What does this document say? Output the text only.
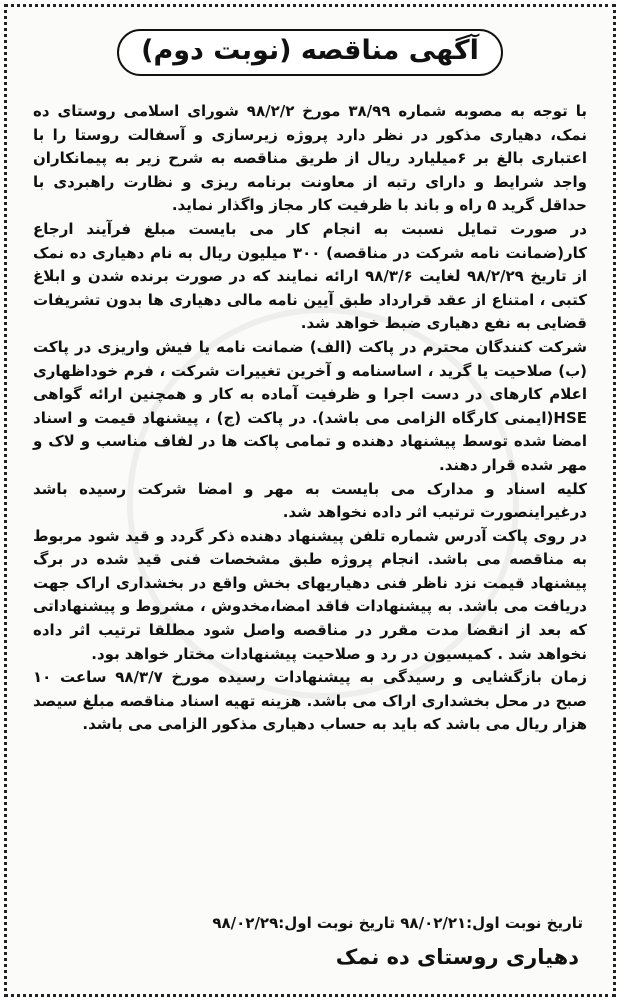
آگهی مناقصه (نوبت دوم)

با توجه به مصوبه شماره ۳۸/۹۹ مورخ ۹۸/۲/۲ شورای اسلامی روستای ده نمک، دهیاری مذکور در نظر دارد پروژه زیرسازی و آسفالت روستا را با اعتباری بالغ بر ۶میلیارد ریال از طریق مناقصه به شرح زیر به پیمانکاران واجد شرایط و دارای رتبه از معاونت برنامه ریزی و نظارت راهبردی با حداقل گرید ۵ راه و باند با ظرفیت کار مجاز واگذار نماید.

در صورت تمایل نسبت به انجام کار می بایست مبلغ فرآیند ارجاع کار(ضمانت نامه شرکت در مناقصه) ۳۰۰ میلیون ریال به نام دهیاری ده نمک از تاریخ ۹۸/۲/۲۹ لغایت ۹۸/۳/۶ ارائه نمایند که در صورت برنده شدن و ابلاغ کتبی ، امتناع از عقد قرارداد طبق آیین نامه مالی دهیاری ها بدون تشریفات قضایی به نفع دهیاری ضبط خواهد شد.

شرکت کنندگان محترم در پاکت (الف) ضمانت نامه یا فیش واریزی در پاکت (ب) صلاحیت یا گرید ، اساسنامه و آخرین تغییرات شرکت ، فرم خوداظهاری اعلام کارهای در دست اجرا و ظرفیت آماده به کار و همچنین ارائه گواهی HSE(ایمنی کارگاه الزامی می باشد). در پاکت (ج) ، پیشنهاد قیمت و اسناد امضا شده توسط پیشنهاد دهنده و تمامی پاکت ها در لفاف مناسب و لاک و مهر شده قرار دهند.

کلیه اسناد و مدارک می بایست به مهر و امضا شرکت رسیده باشد درغیراینصورت ترتیب اثر داده نخواهد شد.

در روی پاکت آدرس شماره تلفن پیشنهاد دهنده ذکر گردد و قید شود مربوط به مناقصه می باشد. انجام پروژه طبق مشخصات فنی قید شده در برگ پیشنهاد قیمت نزد ناظر فنی دهیاریهای بخش واقع در بخشداری اراک جهت دریافت می باشد. به پیشنهادات فاقد امضا،مخدوش ، مشروط و پیشنهاداتی که بعد از انقضا مدت مقرر در مناقصه واصل شود مطلقا ترتیب اثر داده نخواهد شد . کمیسیون در رد و صلاحیت پیشنهادات مختار خواهد بود.

زمان بازگشایی و رسیدگی به پیشنهادات رسیده مورخ ۹۸/۳/۷ ساعت ۱۰ صبح در محل بخشداری اراک می باشد. هزینه تهیه اسناد مناقصه مبلغ سیصد هزار ریال می باشد که باید به حساب دهیاری مذکور الزامی می باشد.

تاریخ نوبت اول:۹۸/۰۲/۲۱ تاریخ نوبت اول:۹۸/۰۲/۲۹
دهیاری روستای ده نمک
